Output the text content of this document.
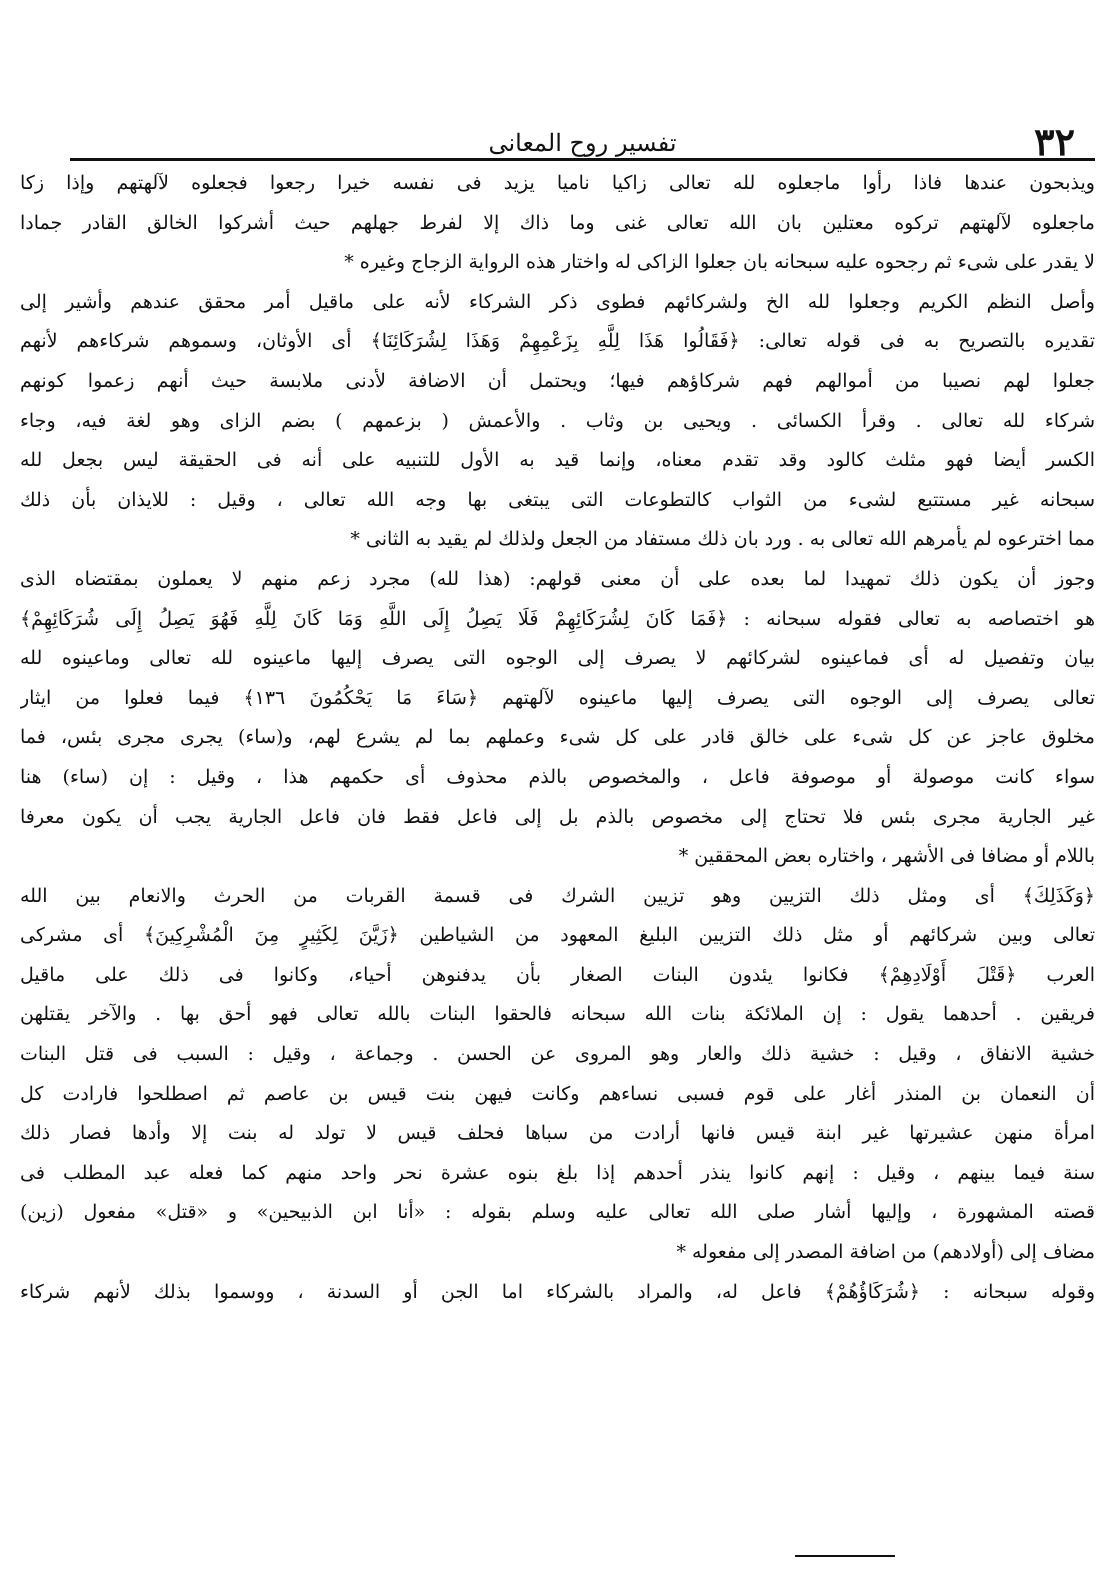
٣٢
تفسير روح المعانى
ويذبحون عندها فاذا رأوا ماجعلوه لله تعالى زاكيا ناميا يزيد فى نفسه خيرا رجعوا فجعلوه لآلهتهم وإذا زكا
ماجعلوه لآلهتهم تركوه معتلين بان الله تعالى غنى وما ذاك إلا لفرط جهلهم حيث أشركوا الخالق القادر جمادا
لا يقدر على شىء ثم رجحوه عليه سبحانه بان جعلوا الزاكى له واختار هذه الرواية الزجاج وغيره *
وأصل النظم الكريم وجعلوا لله الخ ولشركائهم فطوى ذكر الشركاء لأنه على ماقيل أمر محقق عندهم وأشير إلى
تقديره بالتصريح به فى قوله تعالى: ﴿فَقَالُوا هَذَا لِلَّهِ بِزَعْمِهِمْ وَهَذَا لِشُرَكَائِنَا﴾ أى الأوثان، وسموهم شركاءهم لأنهم
جعلوا لهم نصيبا من أموالهم فهم شركاؤهم فيها؛ ويحتمل أن الاضافة لأدنى ملابسة حيث أنهم زعموا كونهم
شركاء لله تعالى . وقرأ الكسائى . ويحيى بن وثاب . والأعمش ( بزعمهم ) بضم الزاى وهو لغة فيه، وجاء
الكسر أيضا فهو مثلث كالود وقد تقدم معناه، وإنما قيد به الأول للتنبيه على أنه فى الحقيقة ليس بجعل لله
سبحانه غير مستتبع لشىء من الثواب كالتطوعات التى يبتغى بها وجه الله تعالى ، وقيل : للايذان بأن ذلك
مما اخترعوه لم يأمرهم الله تعالى به . ورد بان ذلك مستفاد من الجعل ولذلك لم يقيد به الثانى *
وجوز أن يكون ذلك تمهيدا لما بعده على أن معنى قولهم: (هذا لله) مجرد زعم منهم لا يعملون بمقتضاه الذى
هو اختصاصه به تعالى فقوله سبحانه : ﴿فَمَا كَانَ لِشُرَكَائِهِمْ فَلَا يَصِلُ إِلَى اللَّهِ وَمَا كَانَ لِلَّهِ فَهُوَ يَصِلُ إِلَى شُرَكَائِهِمْ﴾
بيان وتفصيل له أى فماعينوه لشركائهم لا يصرف إلى الوجوه التى يصرف إليها ماعينوه لله تعالى وماعينوه لله
تعالى يصرف إلى الوجوه التى يصرف إليها ماعينوه لآلهتهم ﴿سَاءَ مَا يَحْكُمُونَ ١٣٦﴾ فيما فعلوا من ايثار
مخلوق عاجز عن كل شىء على خالق قادر على كل شىء وعملهم بما لم يشرع لهم، و(ساء) يجرى مجرى بئس، فما
سواء كانت موصولة أو موصوفة فاعل ، والمخصوص بالذم محذوف أى حكمهم هذا ، وقيل : إن (ساء) هنا
غير الجارية مجرى بئس فلا تحتاج إلى مخصوص بالذم بل إلى فاعل فقط فان فاعل الجارية يجب أن يكون معرفا
باللام أو مضافا فى الأشهر ، واختاره بعض المحققين *
﴿وَكَذَلِكَ﴾ أى ومثل ذلك التزيين وهو تزيين الشرك فى قسمة القربات من الحرث والانعام بين الله
تعالى وبين شركائهم أو مثل ذلك التزيين البليغ المعهود من الشياطين ﴿زَيَّنَ لِكَثِيرٍ مِنَ الْمُشْرِكِينَ﴾ أى مشركى
العرب ﴿قَتْلَ أَوْلَادِهِمْ﴾ فكانوا يئدون البنات الصغار بأن يدفنوهن أحياء، وكانوا فى ذلك على ماقيل
فريقين . أحدهما يقول : إن الملائكة بنات الله سبحانه فالحقوا البنات بالله تعالى فهو أحق بها . والآخر يقتلهن
خشية الانفاق ، وقيل : خشية ذلك والعار وهو المروى عن الحسن . وجماعة ، وقيل : السبب فى قتل البنات
أن النعمان بن المنذر أغار على قوم فسبى نساءهم وكانت فيهن بنت قيس بن عاصم ثم اصطلحوا فارادت كل
امرأة منهن عشيرتها غير ابنة قيس فانها أرادت من سباها فحلف قيس لا تولد له بنت إلا وأدها فصار ذلك
سنة فيما بينهم ، وقيل : إنهم كانوا ينذر أحدهم إذا بلغ بنوه عشرة نحر واحد منهم كما فعله عبد المطلب فى
قصته المشهورة ، وإليها أشار صلى الله تعالى عليه وسلم بقوله : «أنا ابن الذبيحين» و «قتل» مفعول (زين)
مضاف إلى (أولادهم) من اضافة المصدر إلى مفعوله *
وقوله سبحانه : ﴿شُرَكَاؤُهُمْ﴾ فاعل له، والمراد بالشركاء اما الجن أو السدنة ، ووسموا بذلك لأنهم شركاء
